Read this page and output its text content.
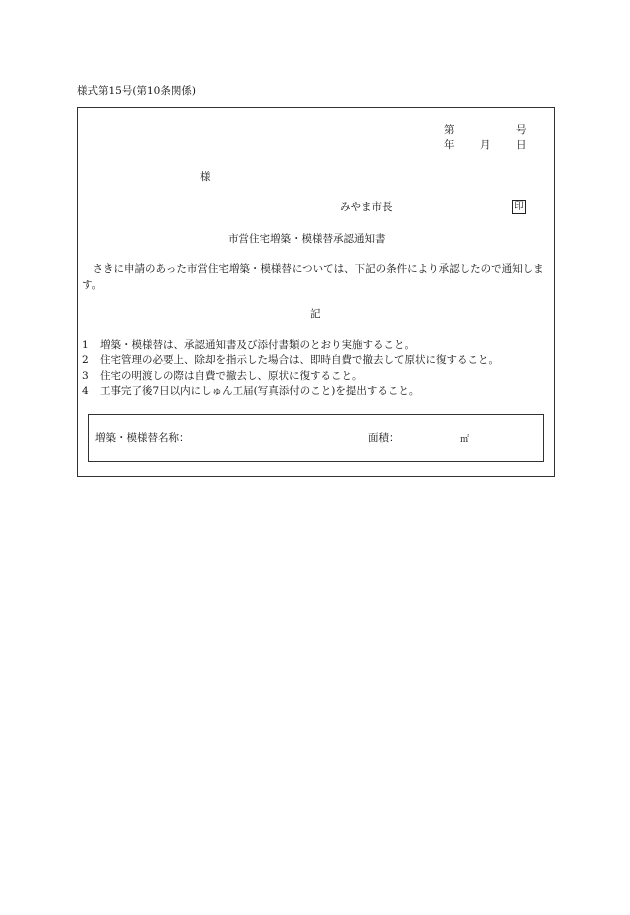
様式第15号(第10条関係)
第	号
年 月 日
様
みやま市長	印
市営住宅増築・模様替承認通知書
さきに申請のあった市営住宅増築・模様替については、下記の条件により承認したので通知します。
記
1 増築・模様替は、承認通知書及び添付書類のとおり実施すること。
2 住宅管理の必要上、除却を指示した場合は、即時自費で撤去して原状に復すること。
3 住宅の明渡しの際は自費で撤去し、原状に復すること。
4 工事完了後7日以内にしゅん工届(写真添付のこと)を提出すること。
増築・模様替名称：	面積：	㎡
